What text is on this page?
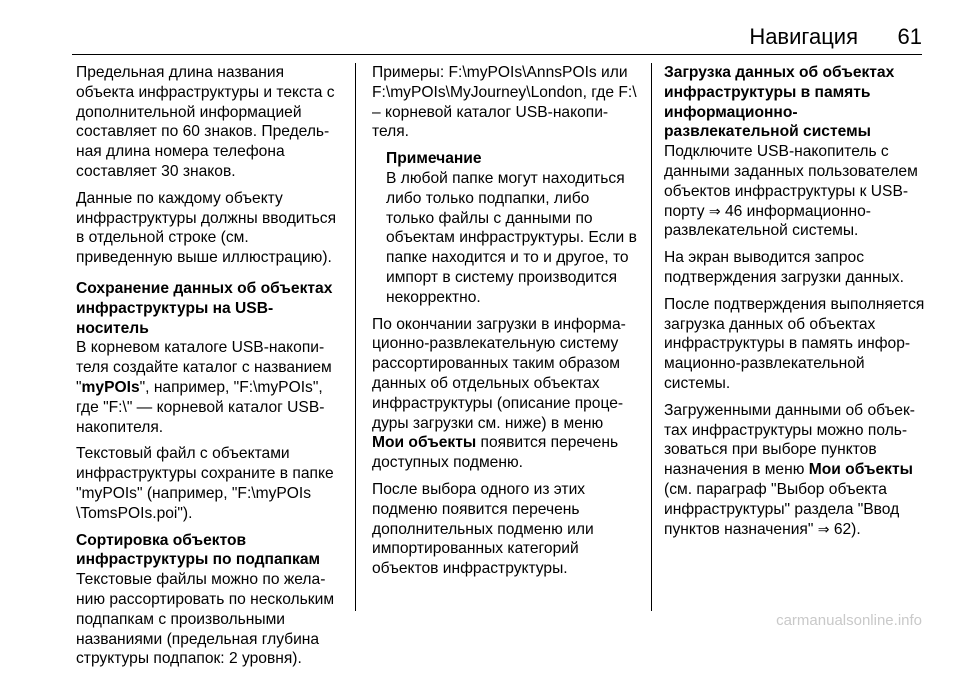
Навигация 61

Предельная длина названия объекта инфраструктуры и текста с дополнительной информацией составляет по 60 знаков. Предельная длина номера телефона составляет 30 знаков.

Данные по каждому объекту инфраструктуры должны вводиться в отдельной строке (см. приведенную выше иллюстрацию).

Сохранение данных об объектах инфраструктуры на USB-носитель

В корневом каталоге USB-накопителя создайте каталог с названием "myPOIs", например, "F:\myPOIs", где "F:\" — корневой каталог USB-накопителя.

Текстовый файл с объектами инфраструктуры сохраните в папке "myPOIs" (например, "F:\myPOIs \TomsPOIs.poi").

Сортировка объектов инфраструктуры по подпапкам

Текстовые файлы можно по желанию рассортировать по нескольким подпапкам с произвольными названиями (предельная глубина структуры подпапок: 2 уровня).

Примеры: F:\myPOIs\AnnsPOIs или F:\myPOIs\MyJourney\London, где F:\ – корневой каталог USB-накопителя.

Примечание

В любой папке могут находиться либо только подпапки, либо только файлы с данными по объектам инфраструктуры. Если в папке находится и то и другое, то импорт в систему производится некорректно.

По окончании загрузки в информационно-развлекательную систему рассортированных таким образом данных об отдельных объектах инфраструктуры (описание процедуры загрузки см. ниже) в меню Мои объекты появится перечень доступных подменю.

После выбора одного из этих подменю появится перечень дополнительных подменю или импортированных категорий объектов инфраструктуры.

Загрузка данных об объектах инфраструктуры в память информационно-развлекательной системы

Подключите USB-накопитель с данными заданных пользователем объектов инфраструктуры к USB-порту ⇒ 46 информационно-развлекательной системы.

На экран выводится запрос подтверждения загрузки данных.

После подтверждения выполняется загрузка данных об объектах инфраструктуры в память информационно-развлекательной системы.

Загруженными данными об объектах инфраструктуры можно пользоваться при выборе пунктов назначения в меню Мои объекты (см. параграф "Выбор объекта инфраструктуры" раздела "Ввод пунктов назначения" ⇒ 62).

carmanualsonline.info
